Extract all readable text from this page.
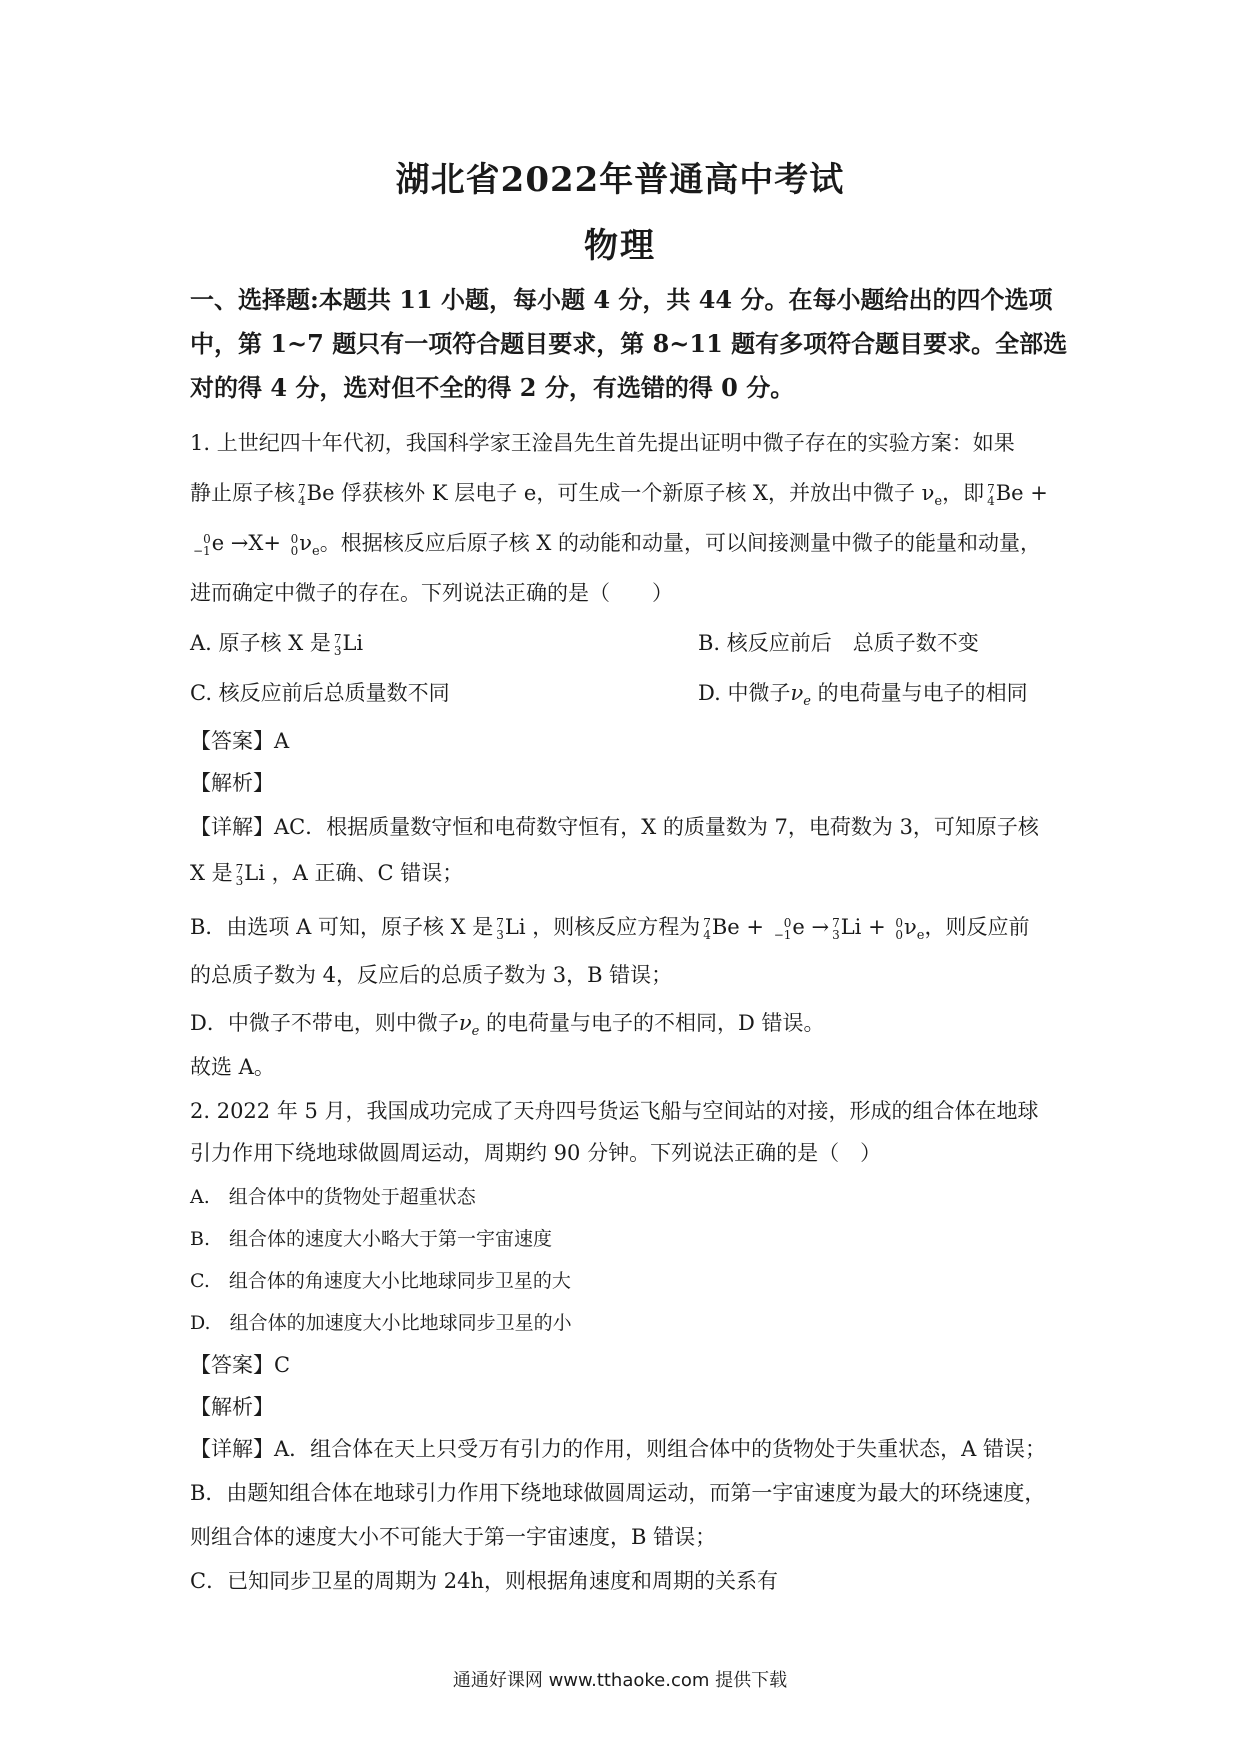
湖北省2022年普通高中考试
物理
一、选择题:本题共 11 小题，每小题 4 分，共 44 分。在每小题给出的四个选项
中，第 1~7 题只有一项符合题目要求，第 8~11 题有多项符合题目要求。全部选
对的得 4 分，选对但不全的得 2 分，有选错的得 0 分。
1. 上世纪四十年代初，我国科学家王淦昌先生首先提出证明中微子存在的实验方案：如果
静止原子核 7
4 Be 俘获核外 K 层电子 e，可生成一个新原子核 X，并放出中微子 $\nu_e$，即 7
4 Be +
0
−1 e →X+ 0
0 $\nu_e$。根据核反应后原子核 X 的动能和动量，可以间接测量中微子的能量和动量，
进而确定中微子的存在。下列说法正确的是（　　）
A. 原子核 X 是 7
3 Li	B. 核反应前后　总质子数不变
C. 核反应前后总质量数不同	D. 中微子$\nu_e$ 的电荷量与电子的相同
【答案】A
【解析】
【详解】AC．根据质量数守恒和电荷数守恒有，X 的质量数为 7，电荷数为 3，可知原子核
X 是 7
3 Li ，A 正确、C 错误；
B．由选项 A 可知，原子核 X 是 7
3 Li ，则核反应方程为 7
4 Be +	0
−1 e → 7
3 Li + 0
0 $\nu_e$，则反应前
的总质子数为 4，反应后的总质子数为 3，B 错误；
D．中微子不带电，则中微子$\nu_e$ 的电荷量与电子的不相同，D 错误。
故选 A。
2. 2022 年 5 月，我国成功完成了天舟四号货运飞船与空间站的对接，形成的组合体在地球
引力作用下绕地球做圆周运动，周期约 90 分钟。下列说法正确的是（　）
A.　组合体中的货物处于超重状态
B.　组合体的速度大小略大于第一宇宙速度
C.　组合体的角速度大小比地球同步卫星的大
D.　组合体的加速度大小比地球同步卫星的小
【答案】C
【解析】
【详解】A．组合体在天上只受万有引力的作用，则组合体中的货物处于失重状态，A 错误；
B．由题知组合体在地球引力作用下绕地球做圆周运动，而第一宇宙速度为最大的环绕速度，
则组合体的速度大小不可能大于第一宇宙速度，B 错误；
C．已知同步卫星的周期为 24h，则根据角速度和周期的关系有
通通好课网 www.tthaoke.com 提供下载
